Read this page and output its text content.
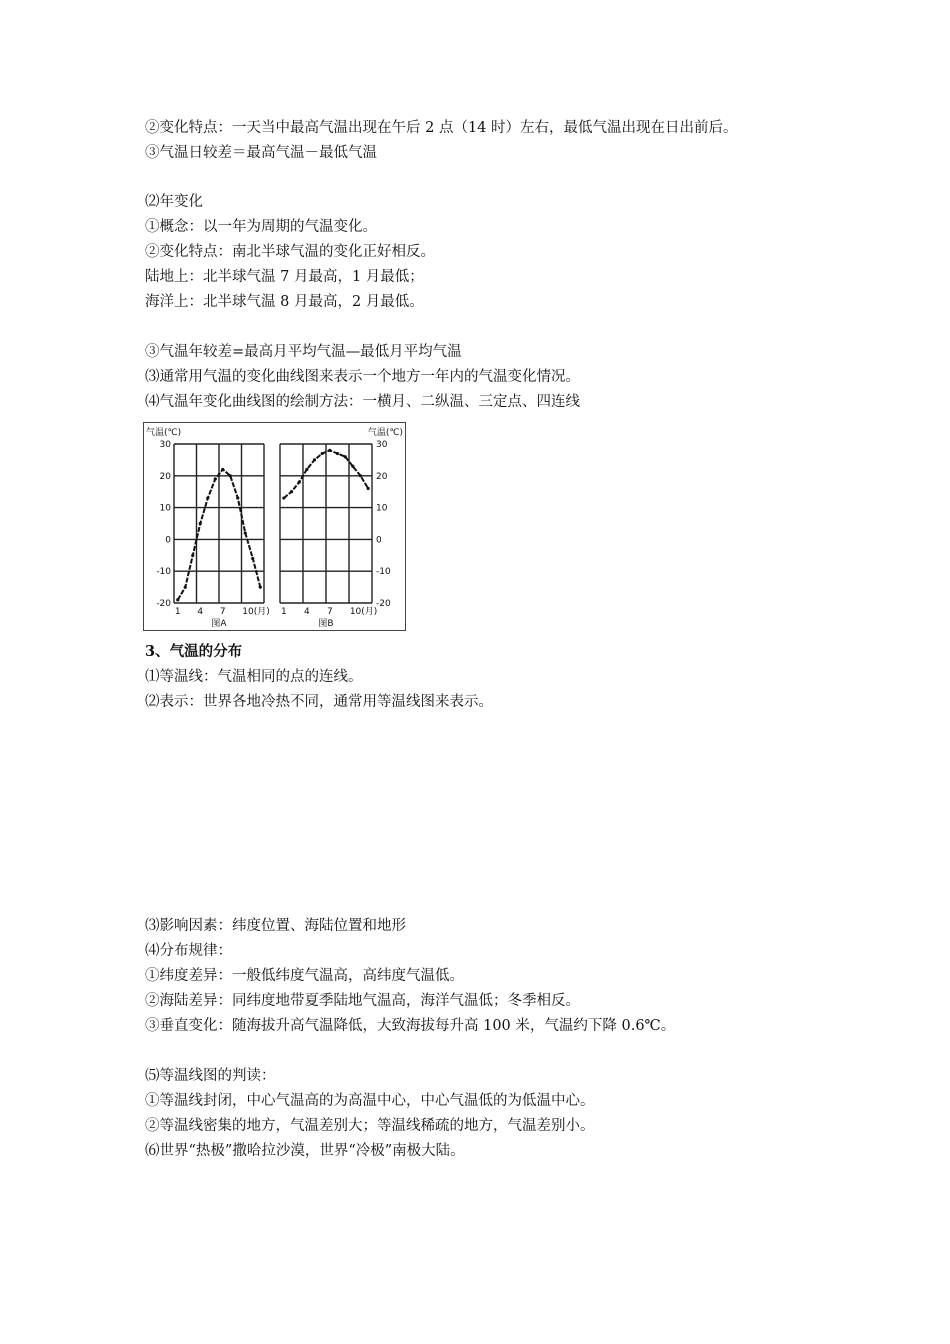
②变化特点：一天当中最高气温出现在午后 2 点（14 时）左右，最低气温出现在日出前后。
③气温日较差＝最高气温－最低气温
⑵年变化
①概念：以一年为周期的气温变化。
②变化特点：南北半球气温的变化正好相反。
陆地上：北半球气温 7 月最高，1 月最低；
海洋上：北半球气温 8 月最高，2 月最低。
③气温年较差=最高月平均气温—最低月平均气温
⑶通常用气温的变化曲线图来表示一个地方一年内的气温变化情况。
⑷气温年变化曲线图的绘制方法：一横月、二纵温、三定点、四连线
30
20
10
0
-10
-20
气温(℃)
1 4 7 10(月)
图A
30
20
10
0
-10
-20
气温(℃)
1 4 7 10(月)
图B
3、气温的分布
⑴等温线：气温相同的点的连线。
⑵表示：世界各地冷热不同，通常用等温线图来表示。
⑶影响因素：纬度位置、海陆位置和地形
⑷分布规律：
①纬度差异：一般低纬度气温高，高纬度气温低。
②海陆差异：同纬度地带夏季陆地气温高，海洋气温低；冬季相反。
③垂直变化：随海拔升高气温降低，大致海拔每升高 100 米，气温约下降 0.6℃。
⑸等温线图的判读：
①等温线封闭，中心气温高的为高温中心，中心气温低的为低温中心。
②等温线密集的地方，气温差别大；等温线稀疏的地方，气温差别小。
⑹世界“热极”撒哈拉沙漠，世界“冷极”南极大陆。
